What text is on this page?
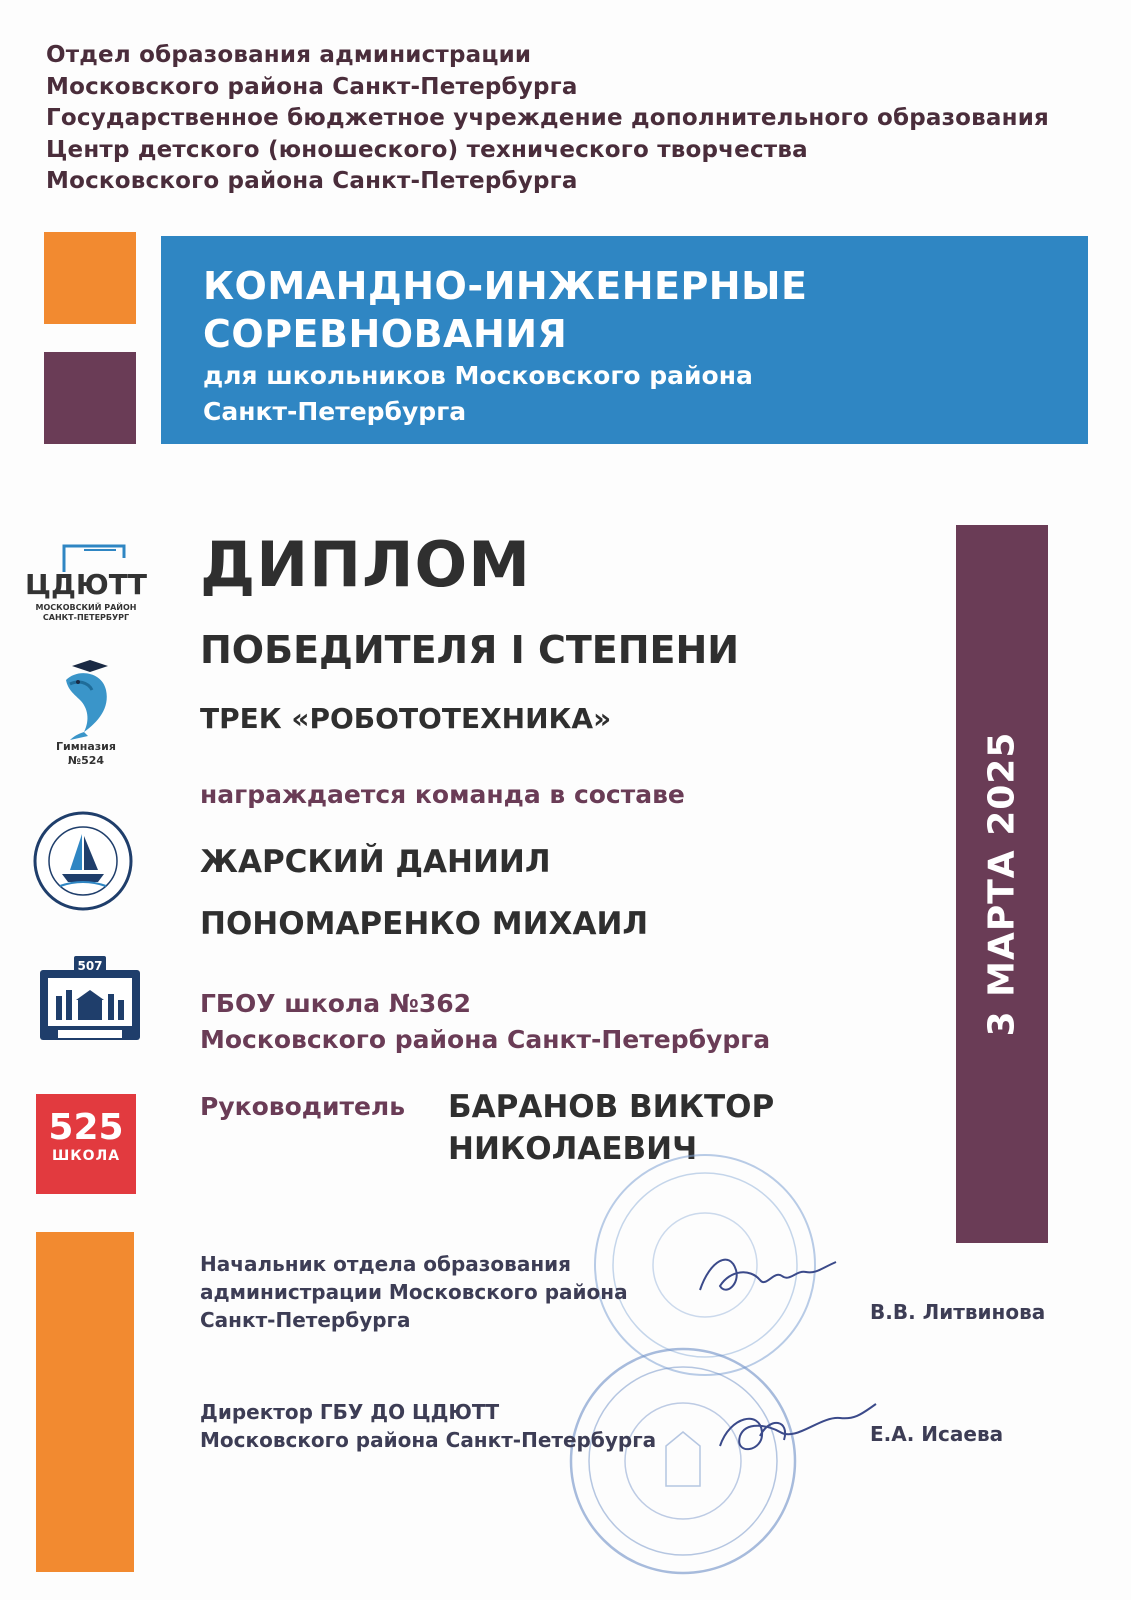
Отдел образования администрации
Московского района Санкт-Петербурга
Государственное бюджетное учреждение дополнительного образования
Центр детского (юношеского) технического творчества
Московского района Санкт-Петербурга
КОМАНДНО-ИНЖЕНЕРНЫЕ
СОРЕВНОВАНИЯ
для школьников Московского района
Санкт-Петербурга
3 МАРТА 2025
ЦДЮТТ
МОСКОВСКИЙ РАЙОН
САНКТ-ПЕТЕРБУРГ
Гимназия
№524
507
525
ШКОЛА
ДИПЛОМ
ПОБЕДИТЕЛЯ I СТЕПЕНИ
ТРЕК «РОБОТОТЕХНИКА»
награждается команда в составе
ЖАРСКИЙ ДАНИИЛ
ПОНОМАРЕНКО МИХАИЛ
ГБОУ школа №362
Московского района Санкт-Петербурга
Руководитель БАРАНОВ ВИКТОР
НИКОЛАЕВИЧ
Начальник отдела образования
администрации Московского района
Санкт-Петербурга	В.В. Литвинова
Директор ГБУ ДО ЦДЮТТ
Московского района Санкт-Петербурга	Е.А. Исаева
